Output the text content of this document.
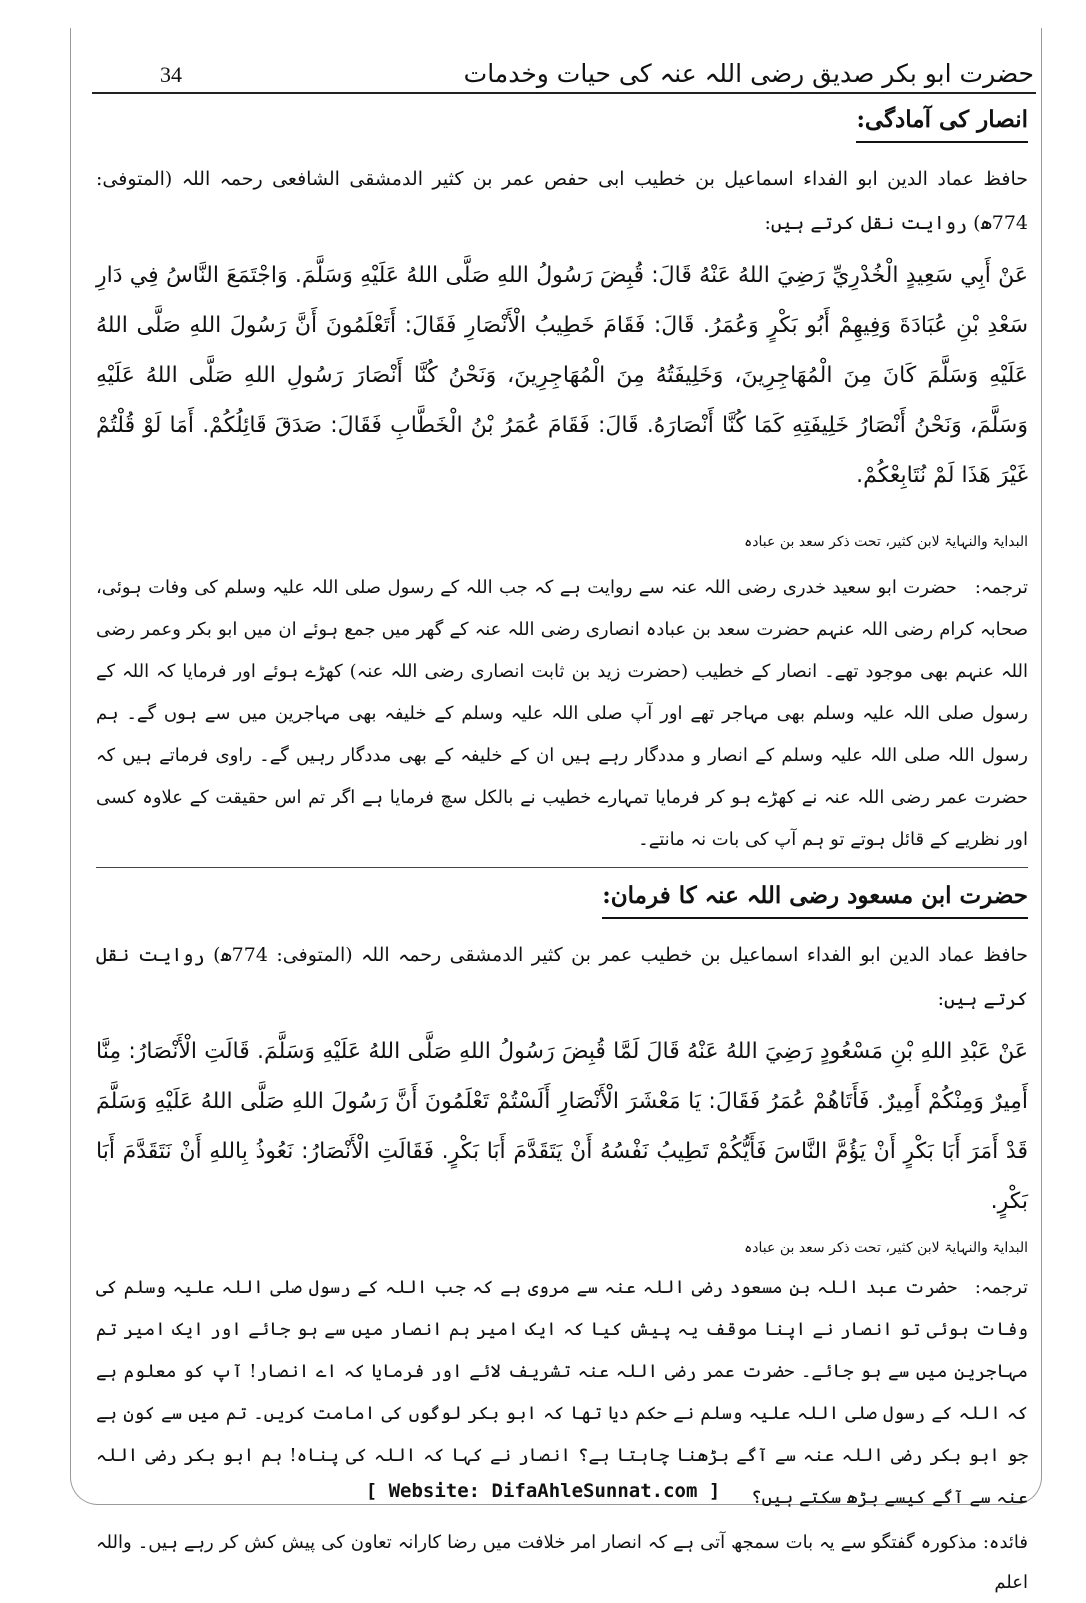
حضرت ابو بکر صدیق رضی اللہ عنہ کی حیات وخدمات
34
انصار کی آمادگی:

حافظ عماد الدین ابو الفداء اسماعیل بن خطیب ابی حفص عمر بن کثیر الدمشقی الشافعی رحمہ اللہ (المتوفی: 774ھ) روایت نقل کرتے ہیں:

عَنْ أَبِي سَعِيدٍ الْخُدْرِيِّ رَضِيَ اللهُ عَنْهُ قَالَ: قُبِضَ رَسُولُ اللهِ صَلَّى اللهُ عَلَيْهِ وَسَلَّمَ. وَاجْتَمَعَ النَّاسُ فِي دَارِ سَعْدِ بْنِ عُبَادَةَ وَفِيهِمْ أَبُو بَكْرٍ وَعُمَرُ. قَالَ: فَقَامَ خَطِيبُ الْأَنْصَارِ فَقَالَ: أَتَعْلَمُونَ أَنَّ رَسُولَ اللهِ صَلَّى اللهُ عَلَيْهِ وَسَلَّمَ كَانَ مِنَ الْمُهَاجِرِينَ، وَخَلِيفَتُهُ مِنَ الْمُهَاجِرِينَ، وَنَحْنُ كُنَّا أَنْصَارَ رَسُولِ اللهِ صَلَّى اللهُ عَلَيْهِ وَسَلَّمَ، وَنَحْنُ أَنْصَارُ خَلِيفَتِهِ كَمَا كُنَّا أَنْصَارَهُ. قَالَ: فَقَامَ عُمَرُ بْنُ الْخَطَّابِ فَقَالَ: صَدَقَ قَائِلُكُمْ. أَمَا لَوْ قُلْتُمْ غَيْرَ هَذَا لَمْ نُتَابِعْكُمْ.

البدایۃ والنہایۃ لابن کثیر، تحت ذکر سعد بن عبادہ

ترجمہ:حضرت ابو سعید خدری رضی اللہ عنہ سے روایت ہے کہ جب اللہ کے رسول صلی اللہ علیہ وسلم کی وفات ہوئی، صحابہ کرام رضی اللہ عنہم حضرت سعد بن عبادہ انصاری رضی اللہ عنہ کے گھر میں جمع ہوئے ان میں ابو بکر وعمر رضی اللہ عنہم بھی موجود تھے۔ انصار کے خطیب (حضرت زید بن ثابت انصاری رضی اللہ عنہ) کھڑے ہوئے اور فرمایا کہ اللہ کے رسول صلی اللہ علیہ وسلم بھی مہاجر تھے اور آپ صلی اللہ علیہ وسلم کے خلیفہ بھی مہاجرین میں سے ہوں گے۔ ہم رسول اللہ صلی اللہ علیہ وسلم کے انصار و مددگار رہے ہیں ان کے خلیفہ کے بھی مددگار رہیں گے۔ راوی فرماتے ہیں کہ حضرت عمر رضی اللہ عنہ نے کھڑے ہو کر فرمایا تمہارے خطیب نے بالکل سچ فرمایا ہے اگر تم اس حقیقت کے علاوہ کسی اور نظریے کے قائل ہوتے تو ہم آپ کی بات نہ مانتے۔

حضرت ابن مسعود رضی اللہ عنہ کا فرمان:

حافظ عماد الدین ابو الفداء اسماعیل بن خطیب عمر بن کثیر الدمشقی رحمہ اللہ (المتوفی: 774ھ) روایت نقل کرتے ہیں:

عَنْ عَبْدِ اللهِ بْنِ مَسْعُودٍ رَضِيَ اللهُ عَنْهُ قَالَ لَمَّا قُبِضَ رَسُولُ اللهِ صَلَّى اللهُ عَلَيْهِ وَسَلَّمَ. قَالَتِ الْأَنْصَارُ: مِنَّا أَمِيرٌ وَمِنْكُمْ أَمِيرٌ. فَأَتَاهُمْ عُمَرُ فَقَالَ: يَا مَعْشَرَ الْأَنْصَارِ أَلَسْتُمْ تَعْلَمُونَ أَنَّ رَسُولَ اللهِ صَلَّى اللهُ عَلَيْهِ وَسَلَّمَ قَدْ أَمَرَ أَبَا بَكْرٍ أَنْ يَؤُمَّ النَّاسَ فَأَيُّكُمْ تَطِيبُ نَفْسُهُ أَنْ يَتَقَدَّمَ أَبَا بَكْرٍ. فَقَالَتِ الْأَنْصَارُ: نَعُوذُ بِاللهِ أَنْ نَتَقَدَّمَ أَبَا بَكْرٍ.

البدایۃ والنہایۃ لابن کثیر، تحت ذکر سعد بن عبادہ

ترجمہ:حضرت عبد اللہ بن مسعود رضی اللہ عنہ سے مروی ہے کہ جب اللہ کے رسول صلی اللہ علیہ وسلم کی وفات ہوئی تو انصار نے اپنا موقف یہ پیش کیا کہ ایک امیر ہم انصار میں سے ہو جائے اور ایک امیر تم مہاجرین میں سے ہو جائے۔ حضرت عمر رضی اللہ عنہ تشریف لائے اور فرمایا کہ اے انصار! آپ کو معلوم ہے کہ اللہ کے رسول صلی اللہ علیہ وسلم نے حکم دیا تھا کہ ابو بکر لوگوں کی امامت کریں۔ تم میں سے کون ہے جو ابو بکر رضی اللہ عنہ سے آگے بڑھنا چاہتا ہے؟ انصار نے کہا کہ اللہ کی پناہ! ہم ابو بکر رضی اللہ عنہ سے آگے کیسے بڑھ سکتے ہیں؟

فائدہ: مذکورہ گفتگو سے یہ بات سمجھ آتی ہے کہ انصار امر خلافت میں رضا کارانہ تعاون کی پیش کش کر رہے ہیں۔ واللہ اعلم

[ Website: DifaAhleSunnat.com ]
